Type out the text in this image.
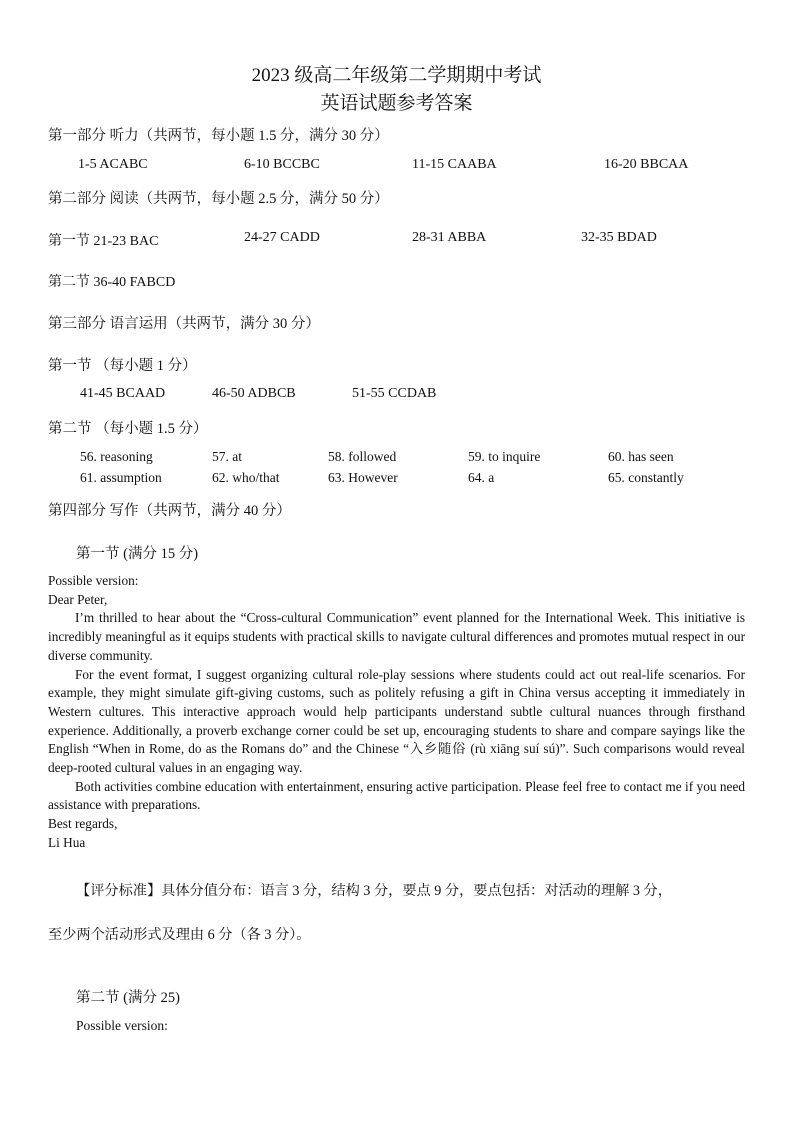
2023 级高二年级第二学期期中考试
英语试题参考答案
第一部分 听力（共两节，每小题 1.5 分，满分 30 分）
1-5 ACABC	6-10 BCCBC	11-15 CAABA	16-20 BBCAA
第二部分 阅读（共两节，每小题 2.5 分，满分 50 分）
第一节 21-23 BAC	24-27 CADD	28-31 ABBA	32-35 BDAD
第二节 36-40 FABCD
第三部分 语言运用（共两节，满分 30 分）
第一节 （每小题 1 分）
41-45 BCAAD	46-50 ADBCB	51-55 CCDAB
第二节 （每小题 1.5 分）
56. reasoning	57. at	58. followed	59. to inquire	60. has seen
61. assumption	62. who/that	63. However	64. a	65. constantly
第四部分 写作（共两节，满分 40 分）
第一节 (满分 15 分)

Possible version:

Dear Peter,

I’m thrilled to hear about the “Cross-cultural Communication” event planned for the International Week. This initiative is incredibly meaningful as it equips students with practical skills to navigate cultural differences and promotes mutual respect in our diverse community.

For the event format, I suggest organizing cultural role-play sessions where students could act out real-life scenarios. For example, they might simulate gift-giving customs, such as politely refusing a gift in China versus accepting it immediately in Western cultures. This interactive approach would help participants understand subtle cultural nuances through firsthand experience. Additionally, a proverb exchange corner could be set up, encouraging students to share and compare sayings like the English “When in Rome, do as the Romans do” and the Chinese “入乡随俗 (rù xiāng suí sú)”. Such comparisons would reveal deep-rooted cultural values in an engaging way.

Both activities combine education with entertainment, ensuring active participation. Please feel free to contact me if you need assistance with preparations.

Best regards,

Li Hua

【评分标准】具体分值分布：语言 3 分，结构 3 分，要点 9 分，要点包括：对活动的理解 3 分，
至少两个活动形式及理由 6 分（各 3 分）。
第二节 (满分 25)
Possible version:
